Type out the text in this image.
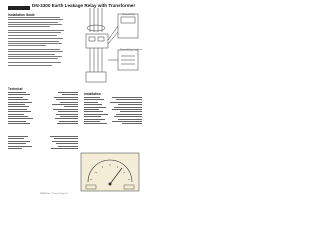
DN-3300 Earth Leakage Relay with Transformer
Installation Guide
Technical
Wiring with Relay
Wiring with Relay Transformer
Installation
DN3300 Rev. 1.2 Issue 1 Page 1/1
